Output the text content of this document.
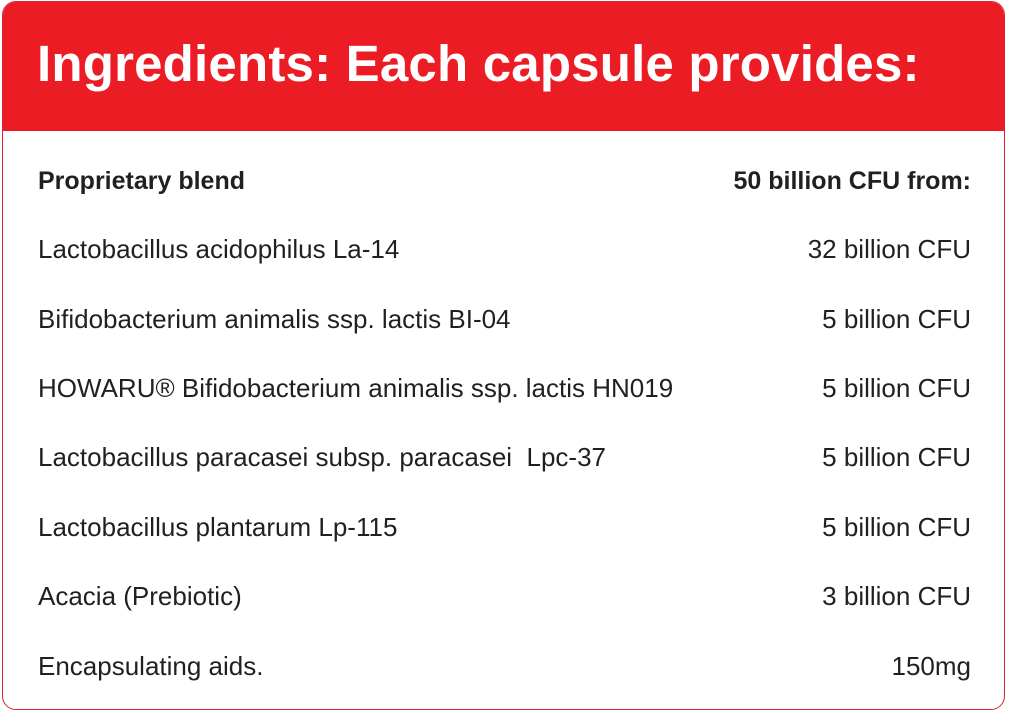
Ingredients: Each capsule provides:
Proprietary blend	50 billion CFU from:
Lactobacillus acidophilus La-14	32 billion CFU
Bifidobacterium animalis ssp. lactis BI-04	5 billion CFU
HOWARU® Bifidobacterium animalis ssp. lactis HN019	5 billion CFU
Lactobacillus paracasei subsp. paracasei  Lpc-37	5 billion CFU
Lactobacillus plantarum Lp-115	5 billion CFU
Acacia (Prebiotic)	3 billion CFU
Encapsulating aids.	150mg
